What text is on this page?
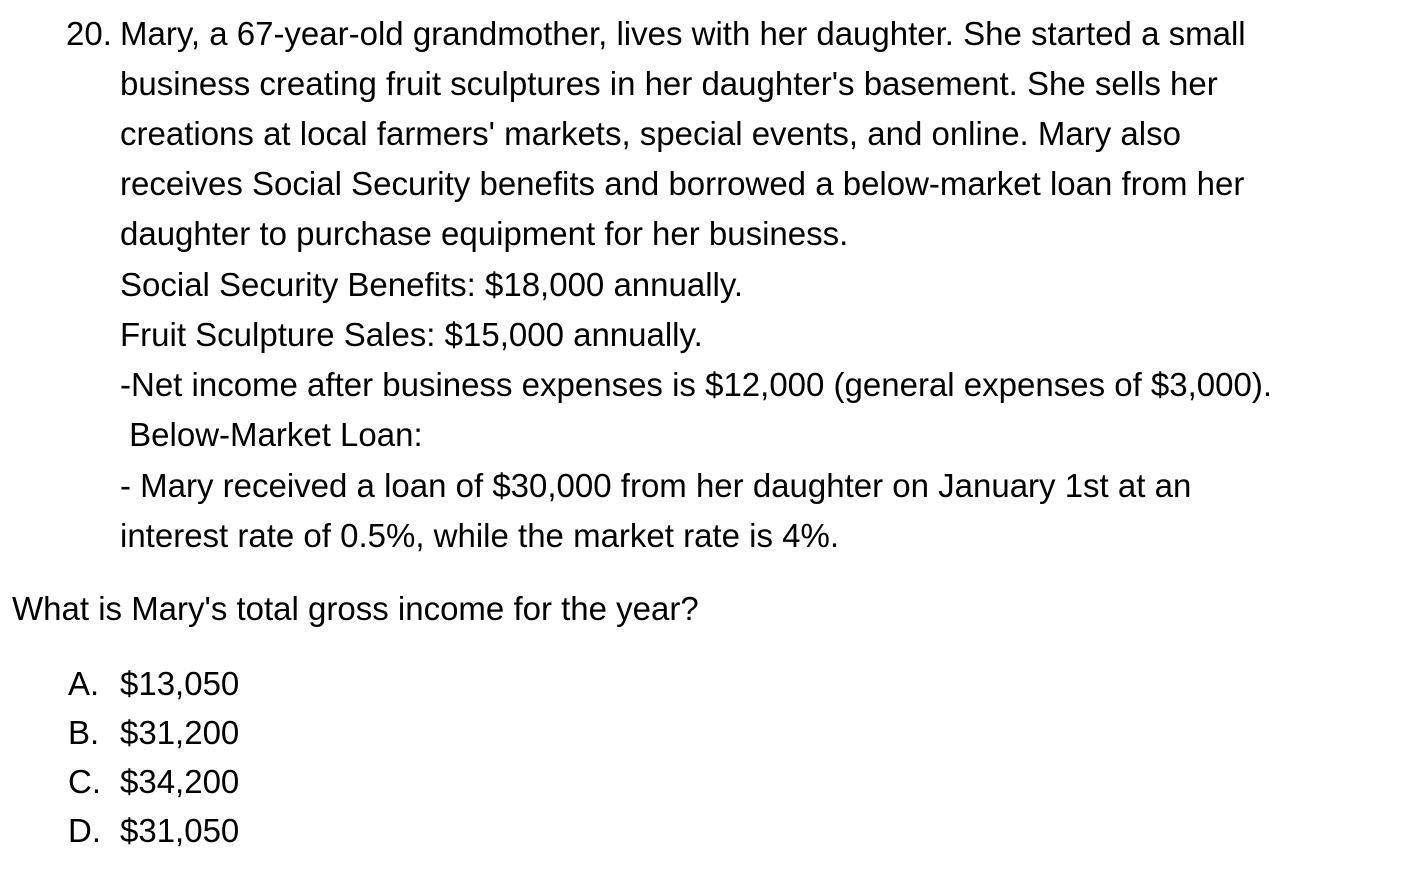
20. Mary, a 67-year-old grandmother, lives with her daughter. She started a small
business creating fruit sculptures in her daughter's basement. She sells her
creations at local farmers' markets, special events, and online. Mary also
receives Social Security benefits and borrowed a below-market loan from her
daughter to purchase equipment for her business.
Social Security Benefits: $18,000 annually.
Fruit Sculpture Sales: $15,000 annually.
-Net income after business expenses is $12,000 (general expenses of $3,000).
Below-Market Loan:
- Mary received a loan of $30,000 from her daughter on January 1st at an
interest rate of 0.5%, while the market rate is 4%.
What is Mary's total gross income for the year?
A. $13,050
B. $31,200
C. $34,200
D. $31,050
